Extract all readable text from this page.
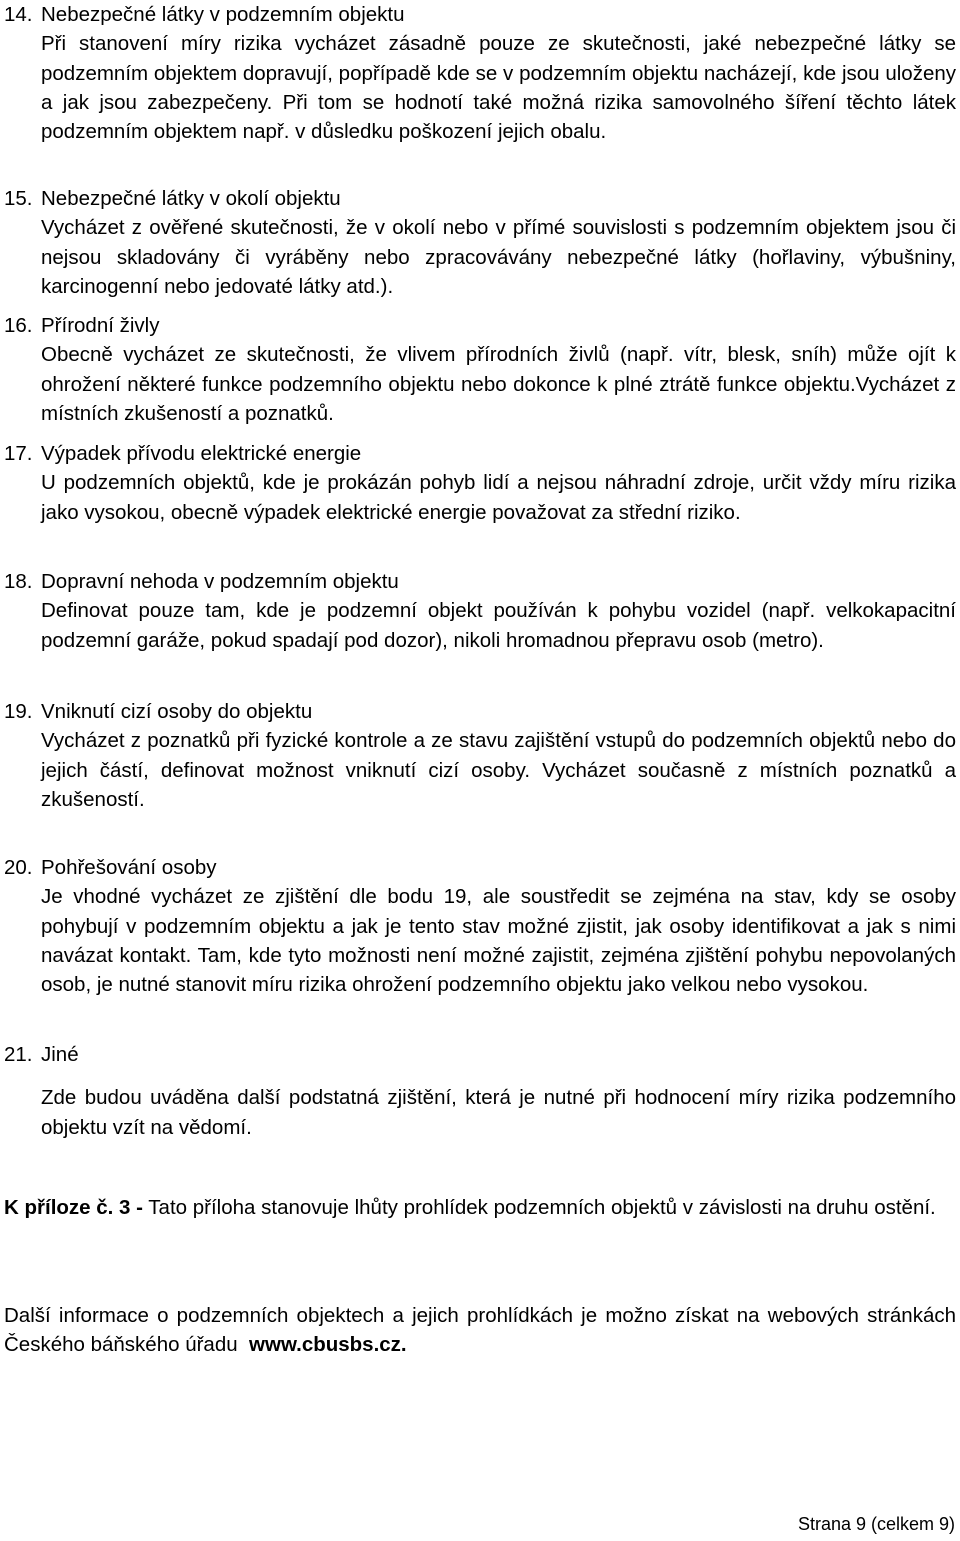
14. Nebezpečné látky v podzemním objektu
Při stanovení míry rizika vycházet zásadně pouze ze skutečnosti, jaké nebezpečné látky se podzemním objektem dopravují, popřípadě kde se v podzemním objektu nacházejí, kde jsou uloženy a jak jsou zabezpečeny. Při tom se hodnotí také možná rizika samovolného šíření těchto látek podzemním objektem např. v důsledku poškození jejich obalu.
15. Nebezpečné látky v okolí objektu
Vycházet z ověřené skutečnosti, že v okolí nebo v přímé souvislosti s podzemním objektem jsou či nejsou skladovány či vyráběny nebo zpracovávány nebezpečné látky (hořlaviny, výbušniny, karcinogenní nebo jedovaté látky atd.).
16. Přírodní živly
Obecně vycházet ze skutečnosti, že vlivem přírodních živlů (např. vítr, blesk, sníh) může ojít k ohrožení některé funkce podzemního objektu nebo dokonce k plné ztrátě funkce objektu.Vycházet z místních zkušeností a poznatků.
17. Výpadek přívodu elektrické energie
U podzemních objektů, kde je prokázán pohyb lidí a nejsou náhradní zdroje, určit vždy míru rizika jako vysokou, obecně výpadek elektrické energie považovat za střední riziko.
18. Dopravní nehoda v podzemním objektu
Definovat pouze tam, kde je podzemní objekt používán k pohybu vozidel (např. velkokapacitní podzemní garáže, pokud spadají pod dozor), nikoli hromadnou přepravu osob (metro).
19. Vniknutí cizí osoby do objektu
Vycházet z poznatků při fyzické kontrole a ze stavu zajištění vstupů do podzemních objektů nebo do jejich částí, definovat možnost vniknutí cizí osoby. Vycházet současně z místních poznatků a zkušeností.
20. Pohřešování osoby
Je vhodné vycházet ze zjištění dle bodu 19, ale soustředit se zejména na stav, kdy se osoby pohybují v podzemním objektu a jak je tento stav možné zjistit, jak osoby identifikovat a jak s nimi navázat kontakt. Tam, kde tyto možnosti není možné zajistit, zejména zjištění pohybu nepovolaných osob, je nutné stanovit míru rizika ohrožení podzemního objektu jako velkou nebo vysokou.
21. Jiné
Zde budou uváděna další podstatná zjištění, která je nutné při hodnocení míry rizika podzemního objektu vzít na vědomí.
K příloze č. 3 - Tato příloha stanovuje lhůty prohlídek podzemních objektů v závislosti na druhu ostění.
Další informace o podzemních objektech a jejich prohlídkách je možno získat na webových stránkách Českého báňského úřadu  www.cbusbs.cz.
Strana 9 (celkem 9)
